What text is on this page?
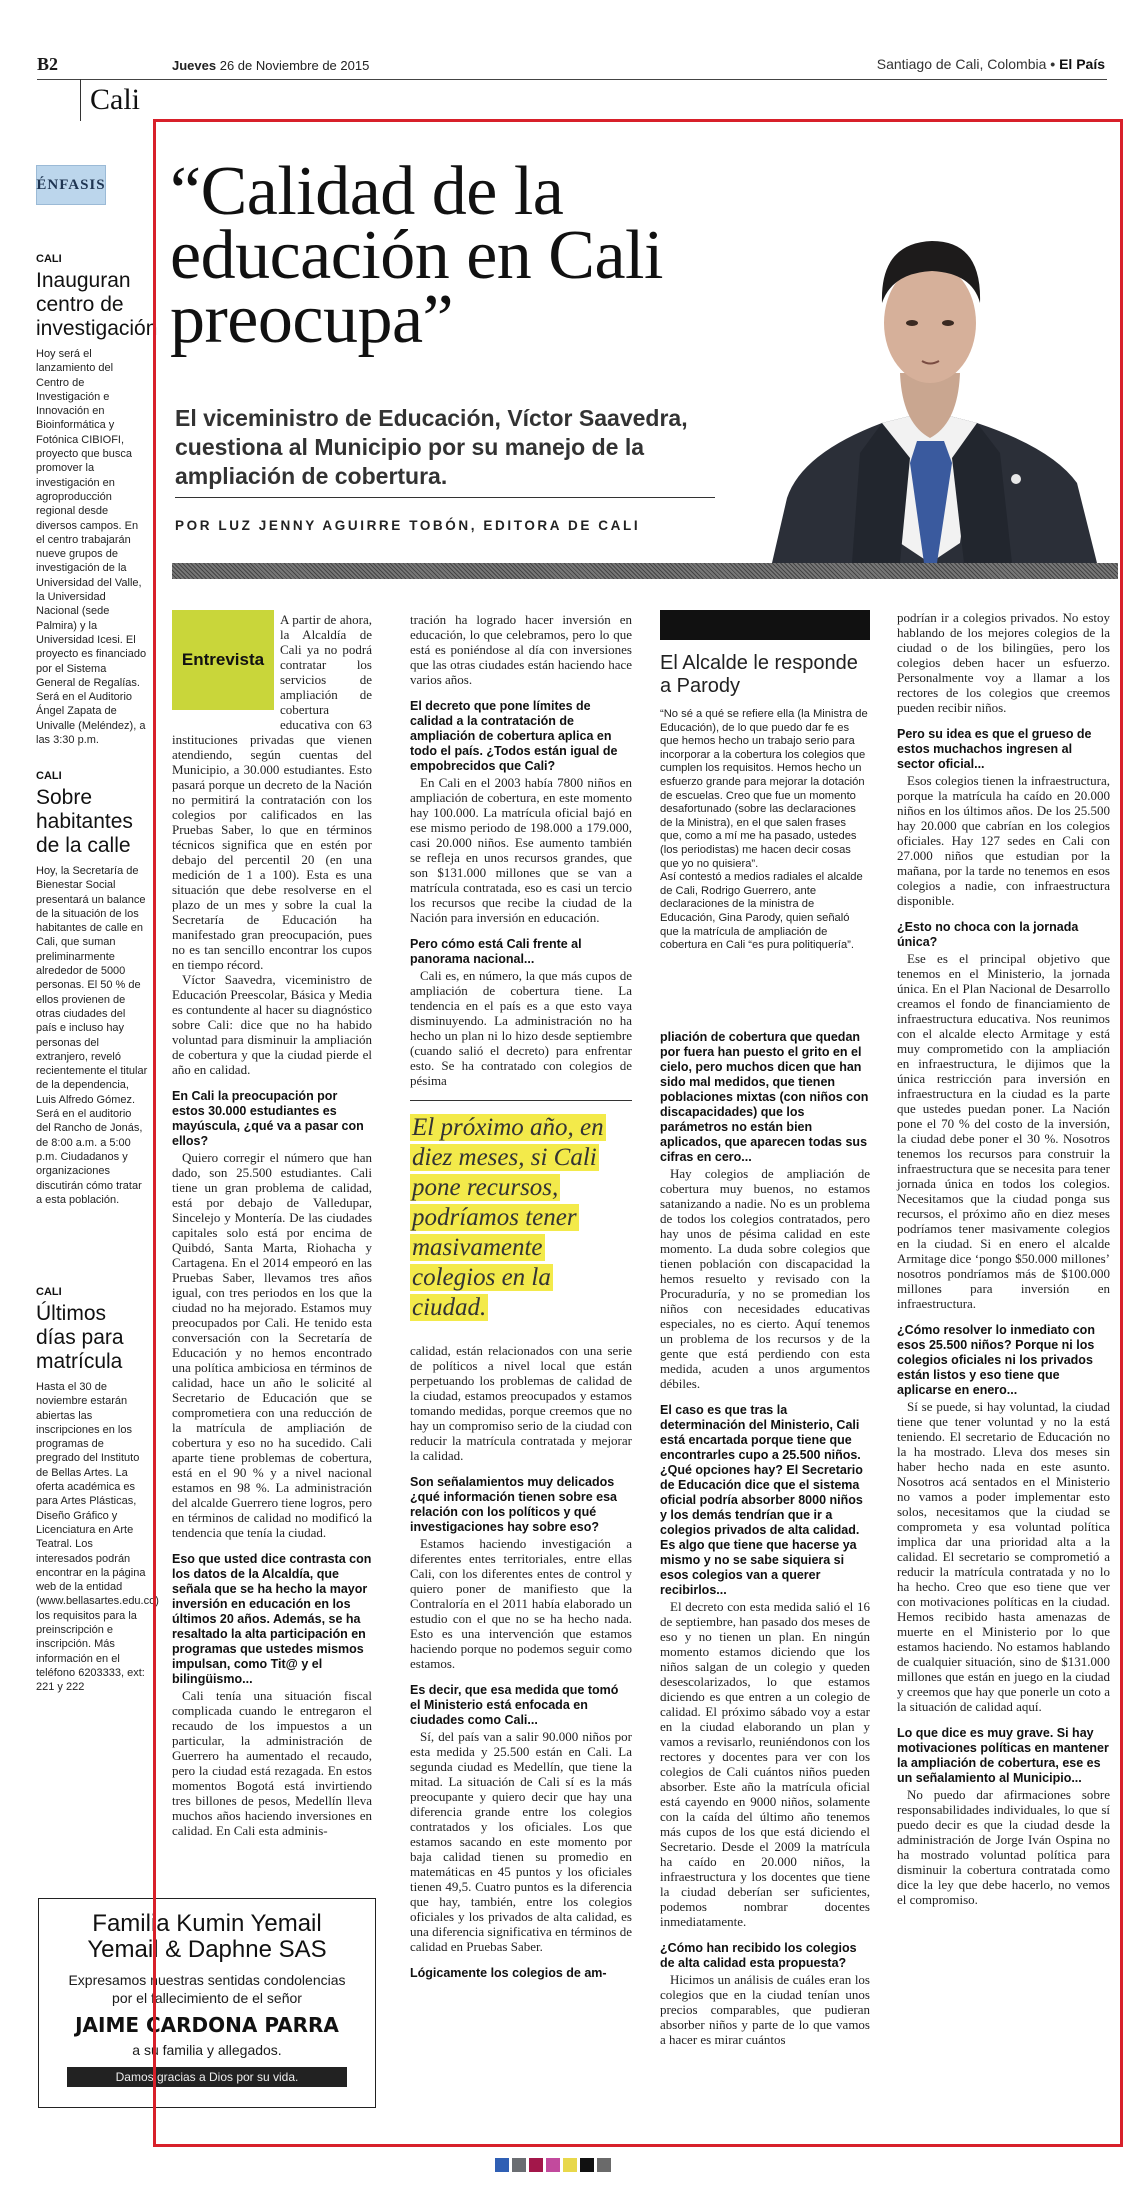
B2	Jueves 26 de Noviembre de 2015	Santiago de Cali, Colombia • El País
Cali
ÉNFASIS
CALI
Inauguran centro de investigación
Hoy será el lanzamiento del Centro de Investigación e Innovación en Bioinformática y Fotónica CIBIOFI, proyecto que busca promover la investigación en agroproducción regional desde diversos campos. En el centro trabajarán nueve grupos de investigación de la Universidad del Valle, la Universidad Nacional (sede Palmira) y la Universidad Icesi. El proyecto es financiado por el Sistema General de Regalías. Será en el Auditorio Ángel Zapata de Univalle (Meléndez), a las 3:30 p.m.
CALI
Sobre habitantes de la calle
Hoy, la Secretaría de Bienestar Social presentará un balance de la situación de los habitantes de calle en Cali, que suman preliminarmente alrededor de 5000 personas. El 50 % de ellos provienen de otras ciudades del país e incluso hay personas del extranjero, reveló recientemente el titular de la dependencia, Luis Alfredo Gómez. Será en el auditorio del Rancho de Jonás, de 8:00 a.m. a 5:00 p.m. Ciudadanos y organizaciones discutirán cómo tratar a esta población.
CALI
Últimos días para matrícula
Hasta el 30 de noviembre estarán abiertas las inscripciones en los programas de pregrado del Instituto de Bellas Artes. La oferta académica es para Artes Plásticas, Diseño Gráfico y Licenciatura en Arte Teatral. Los interesados podrán encontrar en la página web de la entidad (www.bellasartes.edu.co) los requisitos para la preinscripción e inscripción. Más información en el teléfono 6203333, ext: 221 y 222
Familia Kumin Yemail
Yemail & Daphne SAS
Expresamos nuestras sentidas condolencias
por el fallecimiento de el señor
JAIME CARDONA PARRA
a su familia y allegados.
Damos gracias a Dios por su vida.
“Calidad de la educación en Cali preocupa”
El viceministro de Educación, Víctor Saavedra, cuestiona al Municipio por su manejo de la ampliación de cobertura.
POR LUZ JENNY AGUIRRE TOBÓN, EDITORA DE CALI
Entrevista

A partir de ahora, la Alcaldía de Cali ya no podrá contratar los servicios de ampliación de cobertura educativa con 63 instituciones privadas que vienen atendiendo, según cuentas del Municipio, a 30.000 estudiantes. Esto pasará porque un decreto de la Nación no permitirá la contratación con los colegios por calificados en las Pruebas Saber, lo que en términos técnicos significa que en estén por debajo del percentil 20 (en una medición de 1 a 100). Esta es una situación que debe resolverse en el plazo de un mes y sobre la cual la Secretaría de Educación ha manifestado gran preocupación, pues no es tan sencillo encontrar los cupos en tiempo récord.

Víctor Saavedra, viceministro de Educación Preescolar, Básica y Media es contundente al hacer su diagnóstico sobre Cali: dice que no ha habido voluntad para disminuir la ampliación de cobertura y que la ciudad pierde el año en calidad.

En Cali la preocupación por estos 30.000 estudiantes es mayúscula, ¿qué va a pasar con ellos?

Quiero corregir el número que han dado, son 25.500 estudiantes. Cali tiene un gran problema de calidad, está por debajo de Valledupar, Sincelejo y Montería. De las ciudades capitales solo está por encima de Quibdó, Santa Marta, Riohacha y Cartagena. En el 2014 empeoró en las Pruebas Saber, llevamos tres años igual, con tres periodos en los que la ciudad no ha mejorado. Estamos muy preocupados por Cali. He tenido esta conversación con la Secretaría de Educación y no hemos encontrado una política ambiciosa en términos de calidad, hace un año le solicité al Secretario de Educación que se comprometiera con una reducción de la matrícula de ampliación de cobertura y eso no ha sucedido. Cali aparte tiene problemas de cobertura, está en el 90 % y a nivel nacional estamos en 98 %. La administración del alcalde Guerrero tiene logros, pero en términos de calidad no modificó la tendencia que tenía la ciudad.

Eso que usted dice contrasta con los datos de la Alcaldía, que señala que se ha hecho la mayor inversión en educación en los últimos 20 años. Además, se ha resaltado la alta participación en programas que ustedes mismos impulsan, como Tit@ y el bilingüismo...

Cali tenía una situación fiscal complicada cuando le entregaron el recaudo de los impuestos a un particular, la administración de Guerrero ha aumentado el recaudo, pero la ciudad está rezagada. En estos momentos Bogotá está invirtiendo tres billones de pesos, Medellín lleva muchos años haciendo inversiones en calidad. En Cali esta adminis-

tración ha logrado hacer inversión en educación, lo que celebramos, pero lo que está es poniéndose al día con inversiones que las otras ciudades están haciendo hace varios años.

El decreto que pone límites de calidad a la contratación de ampliación de cobertura aplica en todo el país. ¿Todos están igual de empobrecidos que Cali?

En Cali en el 2003 había 7800 niños en ampliación de cobertura, en este momento hay 100.000. La matrícula oficial bajó en ese mismo periodo de 198.000 a 179.000, casi 20.000 niños. Ese aumento también se refleja en unos recursos grandes, que son $131.000 millones que se van a matrícula contratada, eso es casi un tercio los recursos que recibe la ciudad de la Nación para inversión en educación.

Pero cómo está Cali frente al panorama nacional...

Cali es, en número, la que más cupos de ampliación de cobertura tiene. La tendencia en el país es a que esto vaya disminuyendo. La administración no ha hecho un plan ni lo hizo desde septiembre (cuando salió el decreto) para enfrentar esto. Se ha contratado con colegios de pésima

El próximo año, en diez meses, si Cali pone recursos, podríamos tener masivamente colegios en la ciudad.

calidad, están relacionados con una serie de políticos a nivel local que están perpetuando los problemas de calidad de la ciudad, estamos preocupados y estamos tomando medidas, porque creemos que no hay un compromiso serio de la ciudad con reducir la matrícula contratada y mejorar la calidad.

Son señalamientos muy delicados ¿qué información tienen sobre esa relación con los políticos y qué investigaciones hay sobre eso?

Estamos haciendo investigación a diferentes entes territoriales, entre ellas Cali, con los diferentes entes de control y quiero poner de manifiesto que la Contraloría en el 2011 había elaborado un estudio con el que no se ha hecho nada. Esto es una intervención que estamos haciendo porque no podemos seguir como estamos.

Es decir, que esa medida que tomó el Ministerio está enfocada en ciudades como Cali...

Sí, del país van a salir 90.000 niños por esta medida y 25.500 están en Cali. La segunda ciudad es Medellín, que tiene la mitad. La situación de Cali sí es la más preocupante y quiero decir que hay una diferencia grande entre los colegios contratados y los oficiales. Los que estamos sacando en este momento por baja calidad tienen su promedio en matemáticas en 45 puntos y los oficiales tienen 49,5. Cuatro puntos es la diferencia que hay, también, entre los colegios oficiales y los privados de alta calidad, es una diferencia significativa en términos de calidad en Pruebas Saber.

Lógicamente los colegios de am-

El Alcalde le responde a Parody

“No sé a qué se refiere ella (la Ministra de Educación), de lo que puedo dar fe es que hemos hecho un trabajo serio para incorporar a la cobertura los colegios que cumplen los requisitos. Hemos hecho un esfuerzo grande para mejorar la dotación de escuelas. Creo que fue un momento desafortunado (sobre las declaraciones de la Ministra), en el que salen frases que, como a mí me ha pasado, ustedes (los periodistas) me hacen decir cosas que yo no quisiera”.

Así contestó a medios radiales el alcalde de Cali, Rodrigo Guerrero, ante declaraciones de la ministra de Educación, Gina Parody, quien señaló que la matrícula de ampliación de cobertura en Cali “es pura politiquería”.

pliación de cobertura que quedan por fuera han puesto el grito en el cielo, pero muchos dicen que han sido mal medidos, que tienen poblaciones mixtas (con niños con discapacidades) que los parámetros no están bien aplicados, que aparecen todas sus cifras en cero...

Hay colegios de ampliación de cobertura muy buenos, no estamos satanizando a nadie. No es un problema de todos los colegios contratados, pero hay unos de pésima calidad en este momento. La duda sobre colegios que tienen población con discapacidad la hemos resuelto y revisado con la Procuraduría, y no se promedian los niños con necesidades educativas especiales, no es cierto. Aquí tenemos un problema de los recursos y de la gente que está perdiendo con esta medida, acuden a unos argumentos débiles.

El caso es que tras la determinación del Ministerio, Cali está encartada porque tiene que encontrarles cupo a 25.500 niños. ¿Qué opciones hay? El Secretario de Educación dice que el sistema oficial podría absorber 8000 niños y los demás tendrían que ir a colegios privados de alta calidad. Es algo que tiene que hacerse ya mismo y no se sabe siquiera si esos colegios van a querer recibirlos...

El decreto con esta medida salió el 16 de septiembre, han pasado dos meses de eso y no tienen un plan. En ningún momento estamos diciendo que los niños salgan de un colegio y queden desescolarizados, lo que estamos diciendo es que entren a un colegio de calidad. El próximo sábado voy a estar en la ciudad elaborando un plan y vamos a revisarlo, reuniéndonos con los rectores y docentes para ver con los colegios de Cali cuántos niños pueden absorber. Este año la matrícula oficial está cayendo en 9000 niños, solamente con la caída del último año tenemos más cupos de los que está diciendo el Secretario. Desde el 2009 la matrícula ha caído en 20.000 niños, la infraestructura y los docentes que tiene la ciudad deberían ser suficientes, podemos nombrar docentes inmediatamente.

¿Cómo han recibido los colegios de alta calidad esta propuesta?

Hicimos un análisis de cuáles eran los colegios que en la ciudad tenían unos precios comparables, que pudieran absorber niños y parte de lo que vamos a hacer es mirar cuántos

podrían ir a colegios privados. No estoy hablando de los mejores colegios de la ciudad o de los bilingües, pero los colegios deben hacer un esfuerzo. Personalmente voy a llamar a los rectores de los colegios que creemos pueden recibir niños.

Pero su idea es que el grueso de estos muchachos ingresen al sector oficial...

Esos colegios tienen la infraestructura, porque la matrícula ha caído en 20.000 niños en los últimos años. De los 25.500 hay 20.000 que cabrían en los colegios oficiales. Hay 127 sedes en Cali con 27.000 niños que estudian por la mañana, por la tarde no tenemos en esos colegios a nadie, con infraestructura disponible.

¿Esto no choca con la jornada única?

Ese es el principal objetivo que tenemos en el Ministerio, la jornada única. En el Plan Nacional de Desarrollo creamos el fondo de financiamiento de infraestructura educativa. Nos reunimos con el alcalde electo Armitage y está muy comprometido con la ampliación en infraestructura, le dijimos que la única restricción para inversión en infraestructura en la ciudad es la parte que ustedes puedan poner. La Nación pone el 70 % del costo de la inversión, la ciudad debe poner el 30 %. Nosotros tenemos los recursos para construir la infraestructura que se necesita para tener jornada única en todos los colegios. Necesitamos que la ciudad ponga sus recursos, el próximo año en diez meses podríamos tener masivamente colegios en la ciudad. Si en enero el alcalde Armitage dice ‘pongo $50.000 millones’ nosotros pondríamos más de $100.000 millones para inversión en infraestructura.

¿Cómo resolver lo inmediato con esos 25.500 niños? Porque ni los colegios oficiales ni los privados están listos y eso tiene que aplicarse en enero...

Sí se puede, si hay voluntad, la ciudad tiene que tener voluntad y no la está teniendo. El secretario de Educación no la ha mostrado. Lleva dos meses sin haber hecho nada en este asunto. Nosotros acá sentados en el Ministerio no vamos a poder implementar esto solos, necesitamos que la ciudad se comprometa y esa voluntad política implica dar una prioridad alta a la calidad. El secretario se comprometió a reducir la matrícula contratada y no lo ha hecho. Creo que eso tiene que ver con motivaciones políticas en la ciudad. Hemos recibido hasta amenazas de muerte en el Ministerio por lo que estamos haciendo. No estamos hablando de cualquier situación, sino de $131.000 millones que están en juego en la ciudad y creemos que hay que ponerle un coto a la situación de calidad aquí.

Lo que dice es muy grave. Si hay motivaciones políticas en mantener la ampliación de cobertura, ese es un señalamiento al Municipio...

No puedo dar afirmaciones sobre responsabilidades individuales, lo que sí puedo decir es que la ciudad desde la administración de Jorge Iván Ospina no ha mostrado voluntad política para disminuir la cobertura contratada como dice la ley que debe hacerlo, no vemos el compromiso.
